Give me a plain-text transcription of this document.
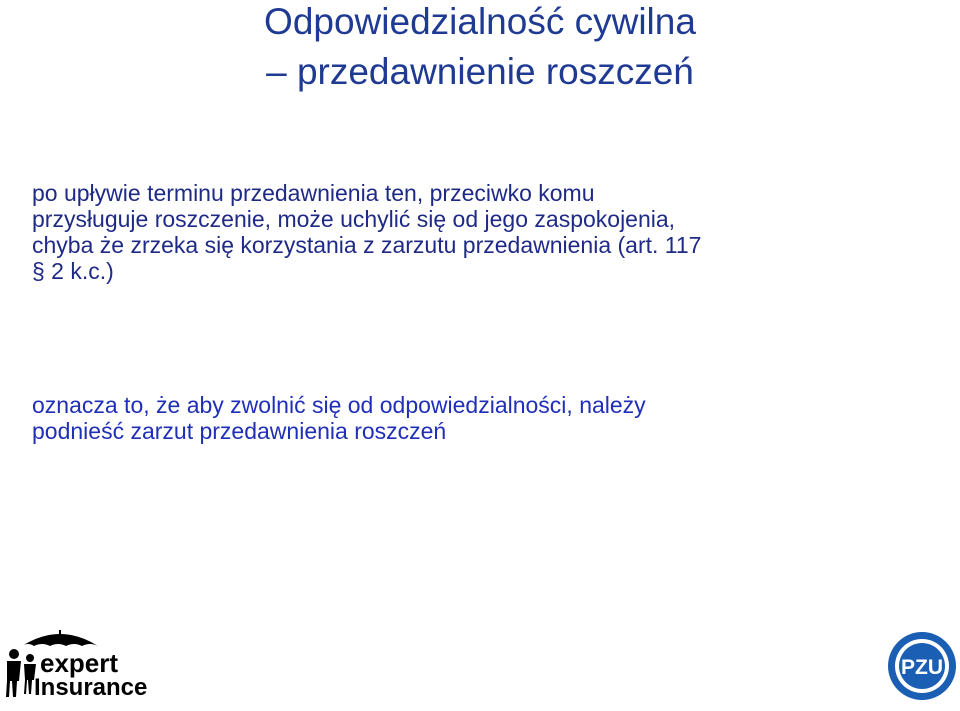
Odpowiedzialność cywilna
– przedawnienie roszczeń
po upływie terminu przedawnienia ten, przeciwko komu
przysługuje roszczenie, może uchylić się od jego zaspokojenia,
chyba że zrzeka się korzystania z zarzutu przedawnienia (art. 117
§ 2 k.c.)
oznacza to, że aby zwolnić się od odpowiedzialności, należy
podnieść zarzut przedawnienia roszczeń
expert
Insurance
PZU
